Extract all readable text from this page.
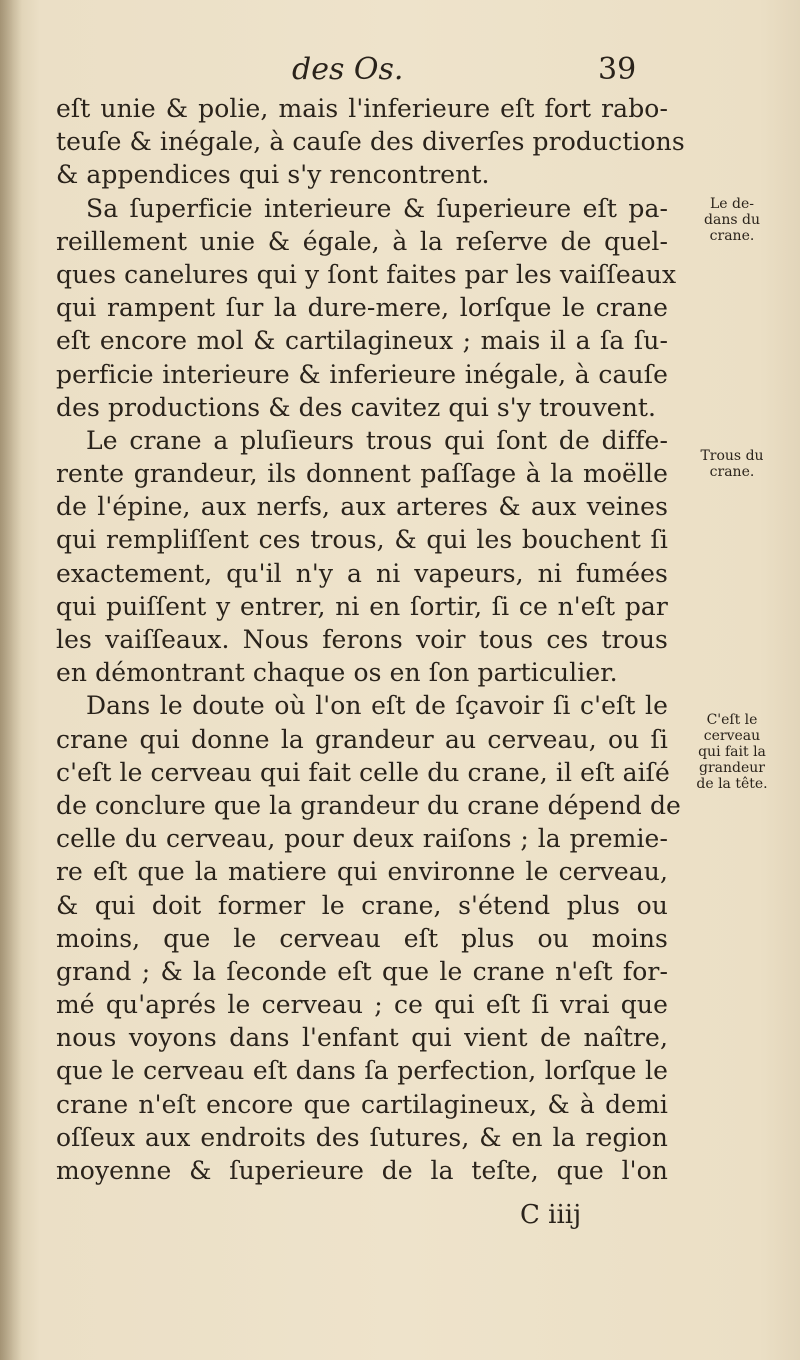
des Os.	39
eſt unie & polie, mais l'inferieure eſt fort rabo-
teuſe & inégale, à cauſe des diverſes productions
& appendices qui s'y rencontrent.
Sa ſuperficie interieure & ſuperieure eſt pa-
reillement unie & égale, à la reſerve de quel-
ques canelures qui y ſont faites par les vaiſſeaux
qui rampent ſur la dure-mere, lorſque le crane
eſt encore mol & cartilagineux ; mais il a ſa ſu-
perficie interieure & inferieure inégale, à cauſe
des productions & des cavitez qui s'y trouvent.
Le crane a pluſieurs trous qui ſont de diffe-
rente grandeur, ils donnent paſſage à la moëlle
de l'épine, aux nerfs, aux arteres & aux veines
qui rempliſſent ces trous, & qui les bouchent ſi
exactement, qu'il n'y a ni vapeurs, ni fumées
qui puiſſent y entrer, ni en ſortir, ſi ce n'eſt par
les vaiſſeaux. Nous ferons voir tous ces trous
en démontrant chaque os en ſon particulier.
Dans le doute où l'on eſt de ſçavoir ſi c'eſt le
crane qui donne la grandeur au cerveau, ou ſi
c'eſt le cerveau qui fait celle du crane, il eſt aiſé
de conclure que la grandeur du crane dépend de
celle du cerveau, pour deux raiſons ; la premie-
re eſt que la matiere qui environne le cerveau,
& qui doit former le crane, s'étend plus ou
moins, que le cerveau eſt plus ou moins
grand ; & la ſeconde eſt que le crane n'eſt for-
mé qu'aprés le cerveau ; ce qui eſt ſi vrai que
nous voyons dans l'enfant qui vient de naître,
que le cerveau eſt dans ſa perfection, lorſque le
crane n'eſt encore que cartilagineux, & à demi
oſſeux aux endroits des ſutures, & en la region
moyenne & ſuperieure de la teſte, que l'on
Le de-
dans du
crane.
Trous du
crane.
C'eſt le
cerveau
qui fait la
grandeur
de la tête.
C iiij
